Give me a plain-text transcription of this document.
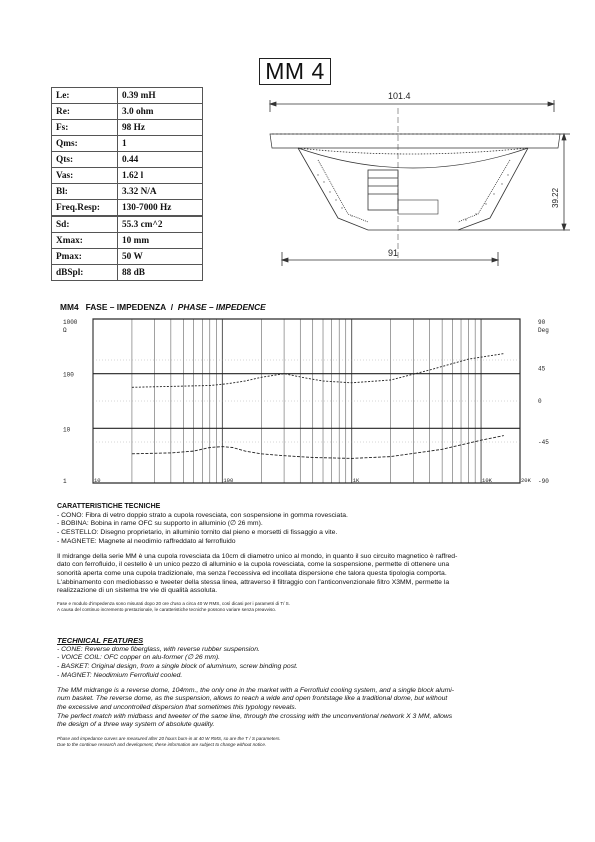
MM 4
Le:	0.39 mH
Re:	3.0 ohm
Fs:	98 Hz
Qms:	1
Qts:	0.44
Vas:	1.62 l
Bl:	3.32 N/A
Freq.Resp:	130-7000 Hz
Sd:	55.3 cm^2
Xmax:	10 mm
Pmax:	50 W
dBSpl:	88 dB
101.4
91
39.22
MM4 FASE – IMPEDENZA / PHASE – IMPEDENCE
1000
Ω
100
10
1
90
Deg
45
0
-45
-90
10	100	1K	10K	20K
CARATTERISTICHE TECNICHE
- CONO: Fibra di vetro doppio strato a cupola rovesciata, con sospensione in gomma rovesciata.
- BOBINA: Bobina in rame OFC su supporto in alluminio (∅ 26 mm).
- CESTELLO: Disegno proprietario, in alluminio tornito dal pieno e morsetti di fissaggio a vite.
- MAGNETE: Magnete al neodimio raffreddato al ferrofluido
Il midrange della serie MM è una cupola rovesciata da 10cm di diametro unico al mondo, in quanto il suo circuito magnetico è raffred-
dato con ferrofluido, il cestello è un unico pezzo di alluminio e la cupola rovesciata, come la sospensione, permette di ottenere una
sonorità aperta come una cupola tradizionale, ma senza l'eccessiva ed incollata dispersione che talora questa tipologia comporta.
L'abbinamento con mediobasso e tweeter della stessa linea, attraverso il filtraggio con l'anticonvenzionale filtro X3MM, permette la
realizzazione di un sistema tre vie di qualità assoluta.
Fase e modulo d'impedenza sono misurati dopo 20 ore d'uso a circa 40 W RMS, così dicasi per i parametri di T/ S.
A causa del continuo incremento prestazionale, le caratteristiche tecniche possono variare senza preavviso.
TECHNICAL FEATURES
- CONE: Reverse dome fiberglass, with reverse rubber suspension.
- VOICE COIL: OFC copper on alu-former (∅ 26 mm).
- BASKET: Original design, from a single block of aluminum, screw binding post.
- MAGNET: Neodimium Ferrofluid cooled.
The MM midrange is a reverse dome, 104mm., the only one in the market with a Ferrofluid cooling system, and a single block alumi-
num basket. The reverse dome, as the suspension, allows to reach a wide and open frontstage like a traditional dome, but without
the excessive and uncontrolled dispersion that sometimes this typology reveals.
The perfect match with midbass and tweeter of the same line, through the crossing with the unconventional network X 3 MM, allows
the design of a three way system of absolute quality.
Phase and impedance curves are measured after 20 hours burn-in at 40 W RMS, so are the T / S parameters.
Due to the continue research and development, these information are subject to change without notice.
